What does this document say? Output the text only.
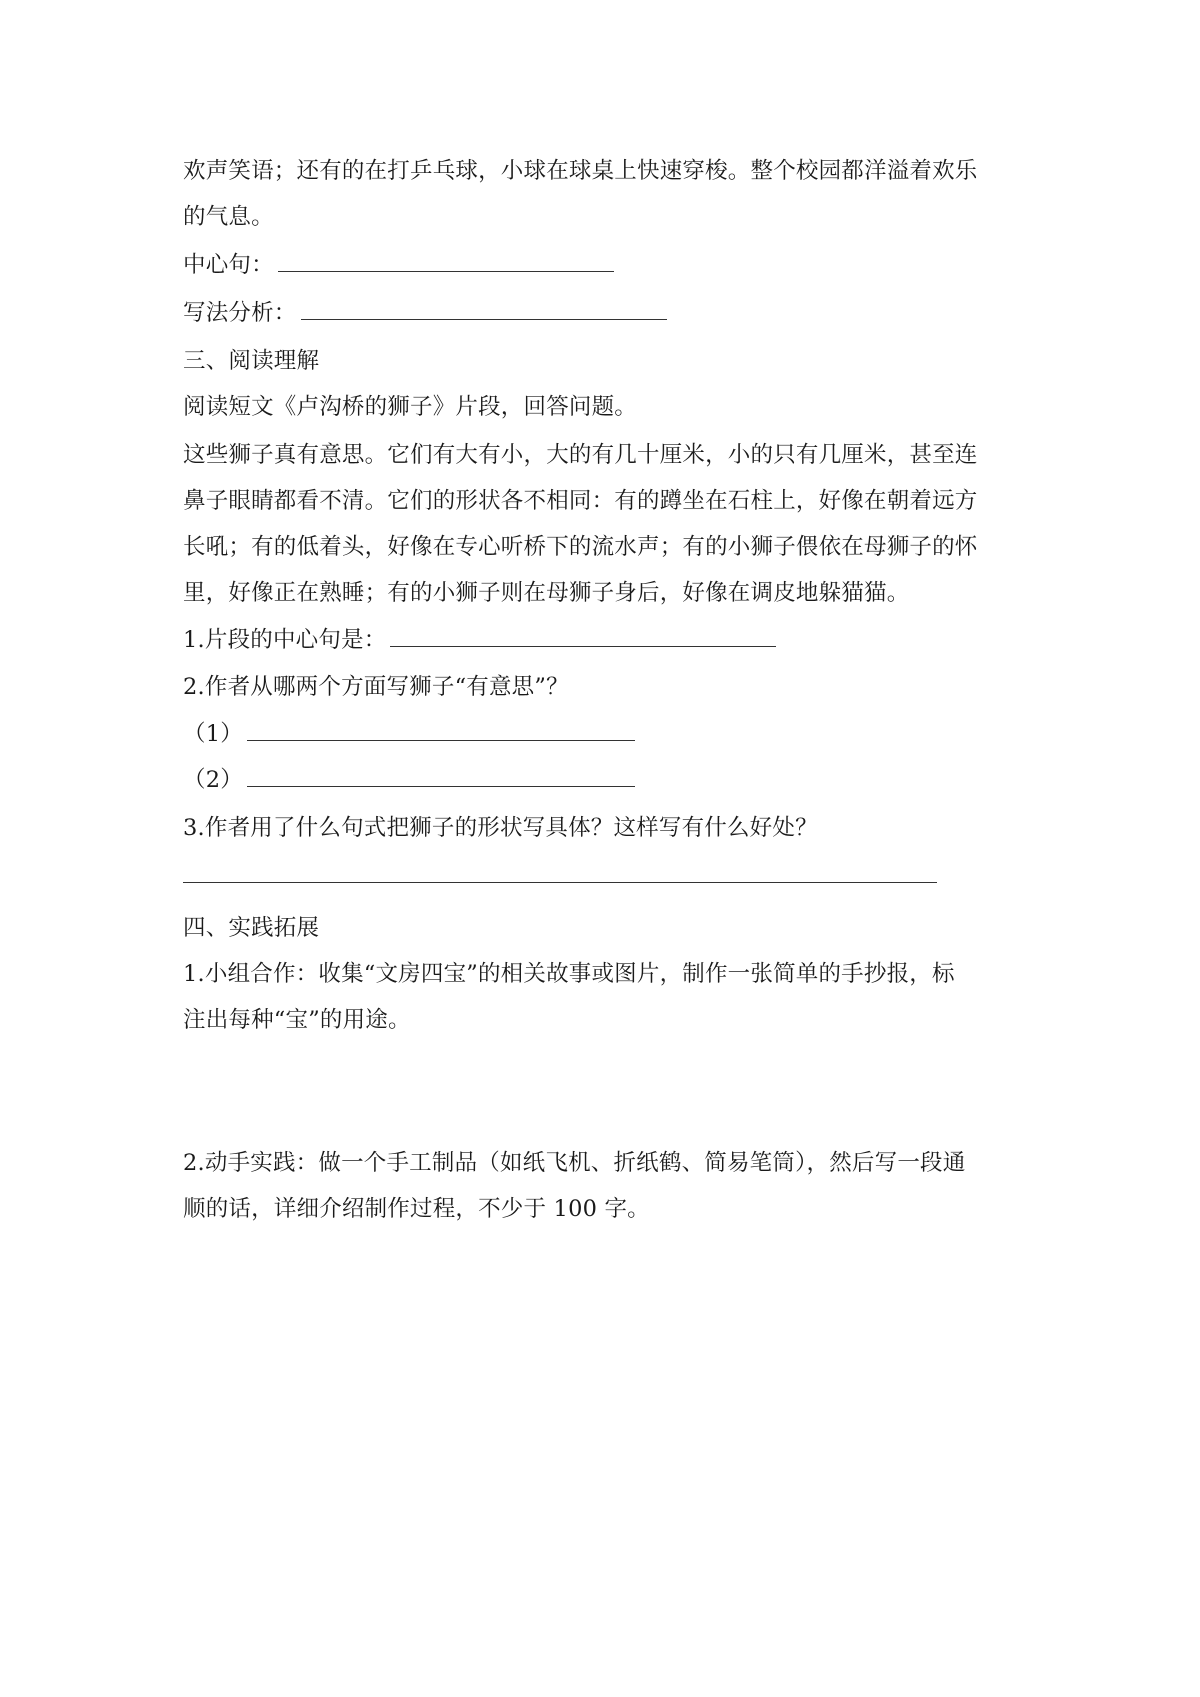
欢声笑语；还有的在打乒乓球，小球在球桌上快速穿梭。整个校园都洋溢着欢乐
的气息。
中心句：
写法分析：
三、阅读理解
阅读短文《卢沟桥的狮子》片段，回答问题。
这些狮子真有意思。它们有大有小，大的有几十厘米，小的只有几厘米，甚至连
鼻子眼睛都看不清。它们的形状各不相同：有的蹲坐在石柱上，好像在朝着远方
长吼；有的低着头，好像在专心听桥下的流水声；有的小狮子偎依在母狮子的怀
里，好像正在熟睡；有的小狮子则在母狮子身后，好像在调皮地躲猫猫。
1.片段的中心句是：
2.作者从哪两个方面写狮子“有意思”？
（1）
（2）
3.作者用了什么句式把狮子的形状写具体？这样写有什么好处？
四、实践拓展
1.小组合作：收集“文房四宝”的相关故事或图片，制作一张简单的手抄报，标
注出每种“宝”的用途。
2.动手实践：做一个手工制品（如纸飞机、折纸鹤、简易笔筒），然后写一段通
顺的话，详细介绍制作过程，不少于 100 字。
